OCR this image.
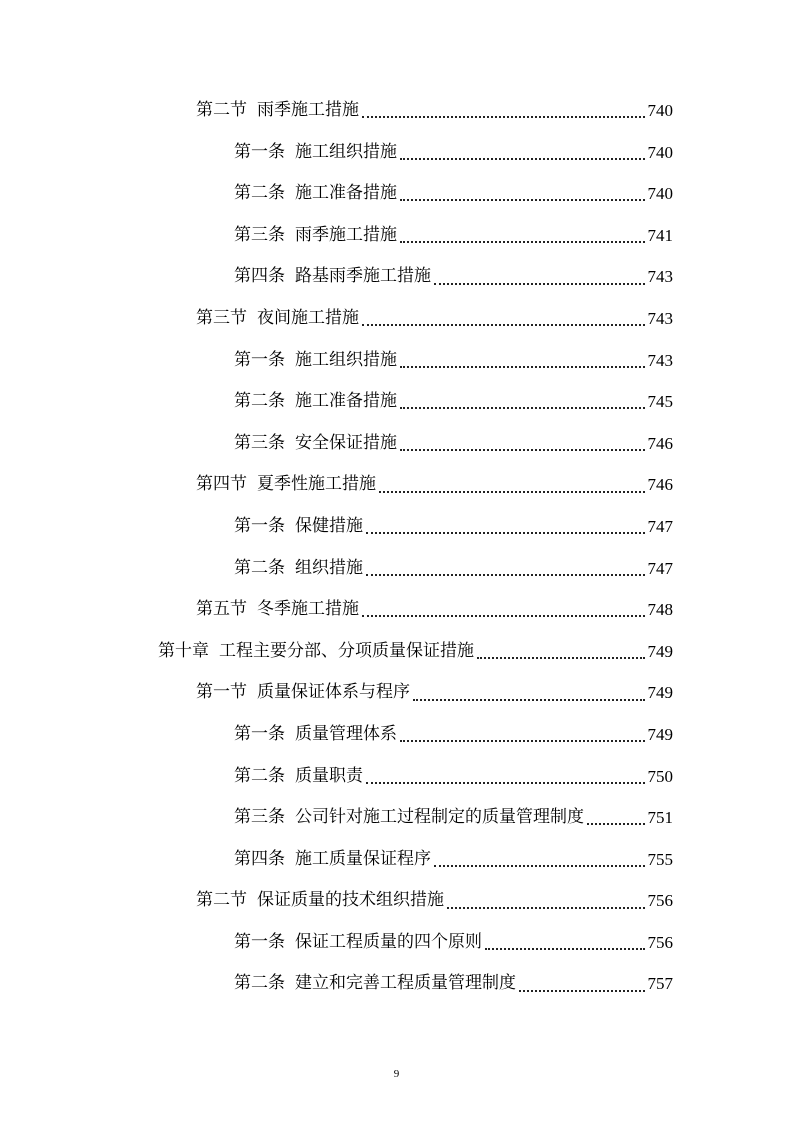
第二节 雨季施工措施	740
第一条 施工组织措施	740
第二条 施工准备措施	740
第三条 雨季施工措施	741
第四条 路基雨季施工措施	743
第三节 夜间施工措施	743
第一条 施工组织措施	743
第二条 施工准备措施	745
第三条 安全保证措施	746
第四节 夏季性施工措施	746
第一条 保健措施	747
第二条 组织措施	747
第五节 冬季施工措施	748
第十章 工程主要分部、分项质量保证措施	749
第一节 质量保证体系与程序	749
第一条 质量管理体系	749
第二条 质量职责	750
第三条 公司针对施工过程制定的质量管理制度	751
第四条 施工质量保证程序	755
第二节 保证质量的技术组织措施	756
第一条 保证工程质量的四个原则	756
第二条 建立和完善工程质量管理制度	757
9
